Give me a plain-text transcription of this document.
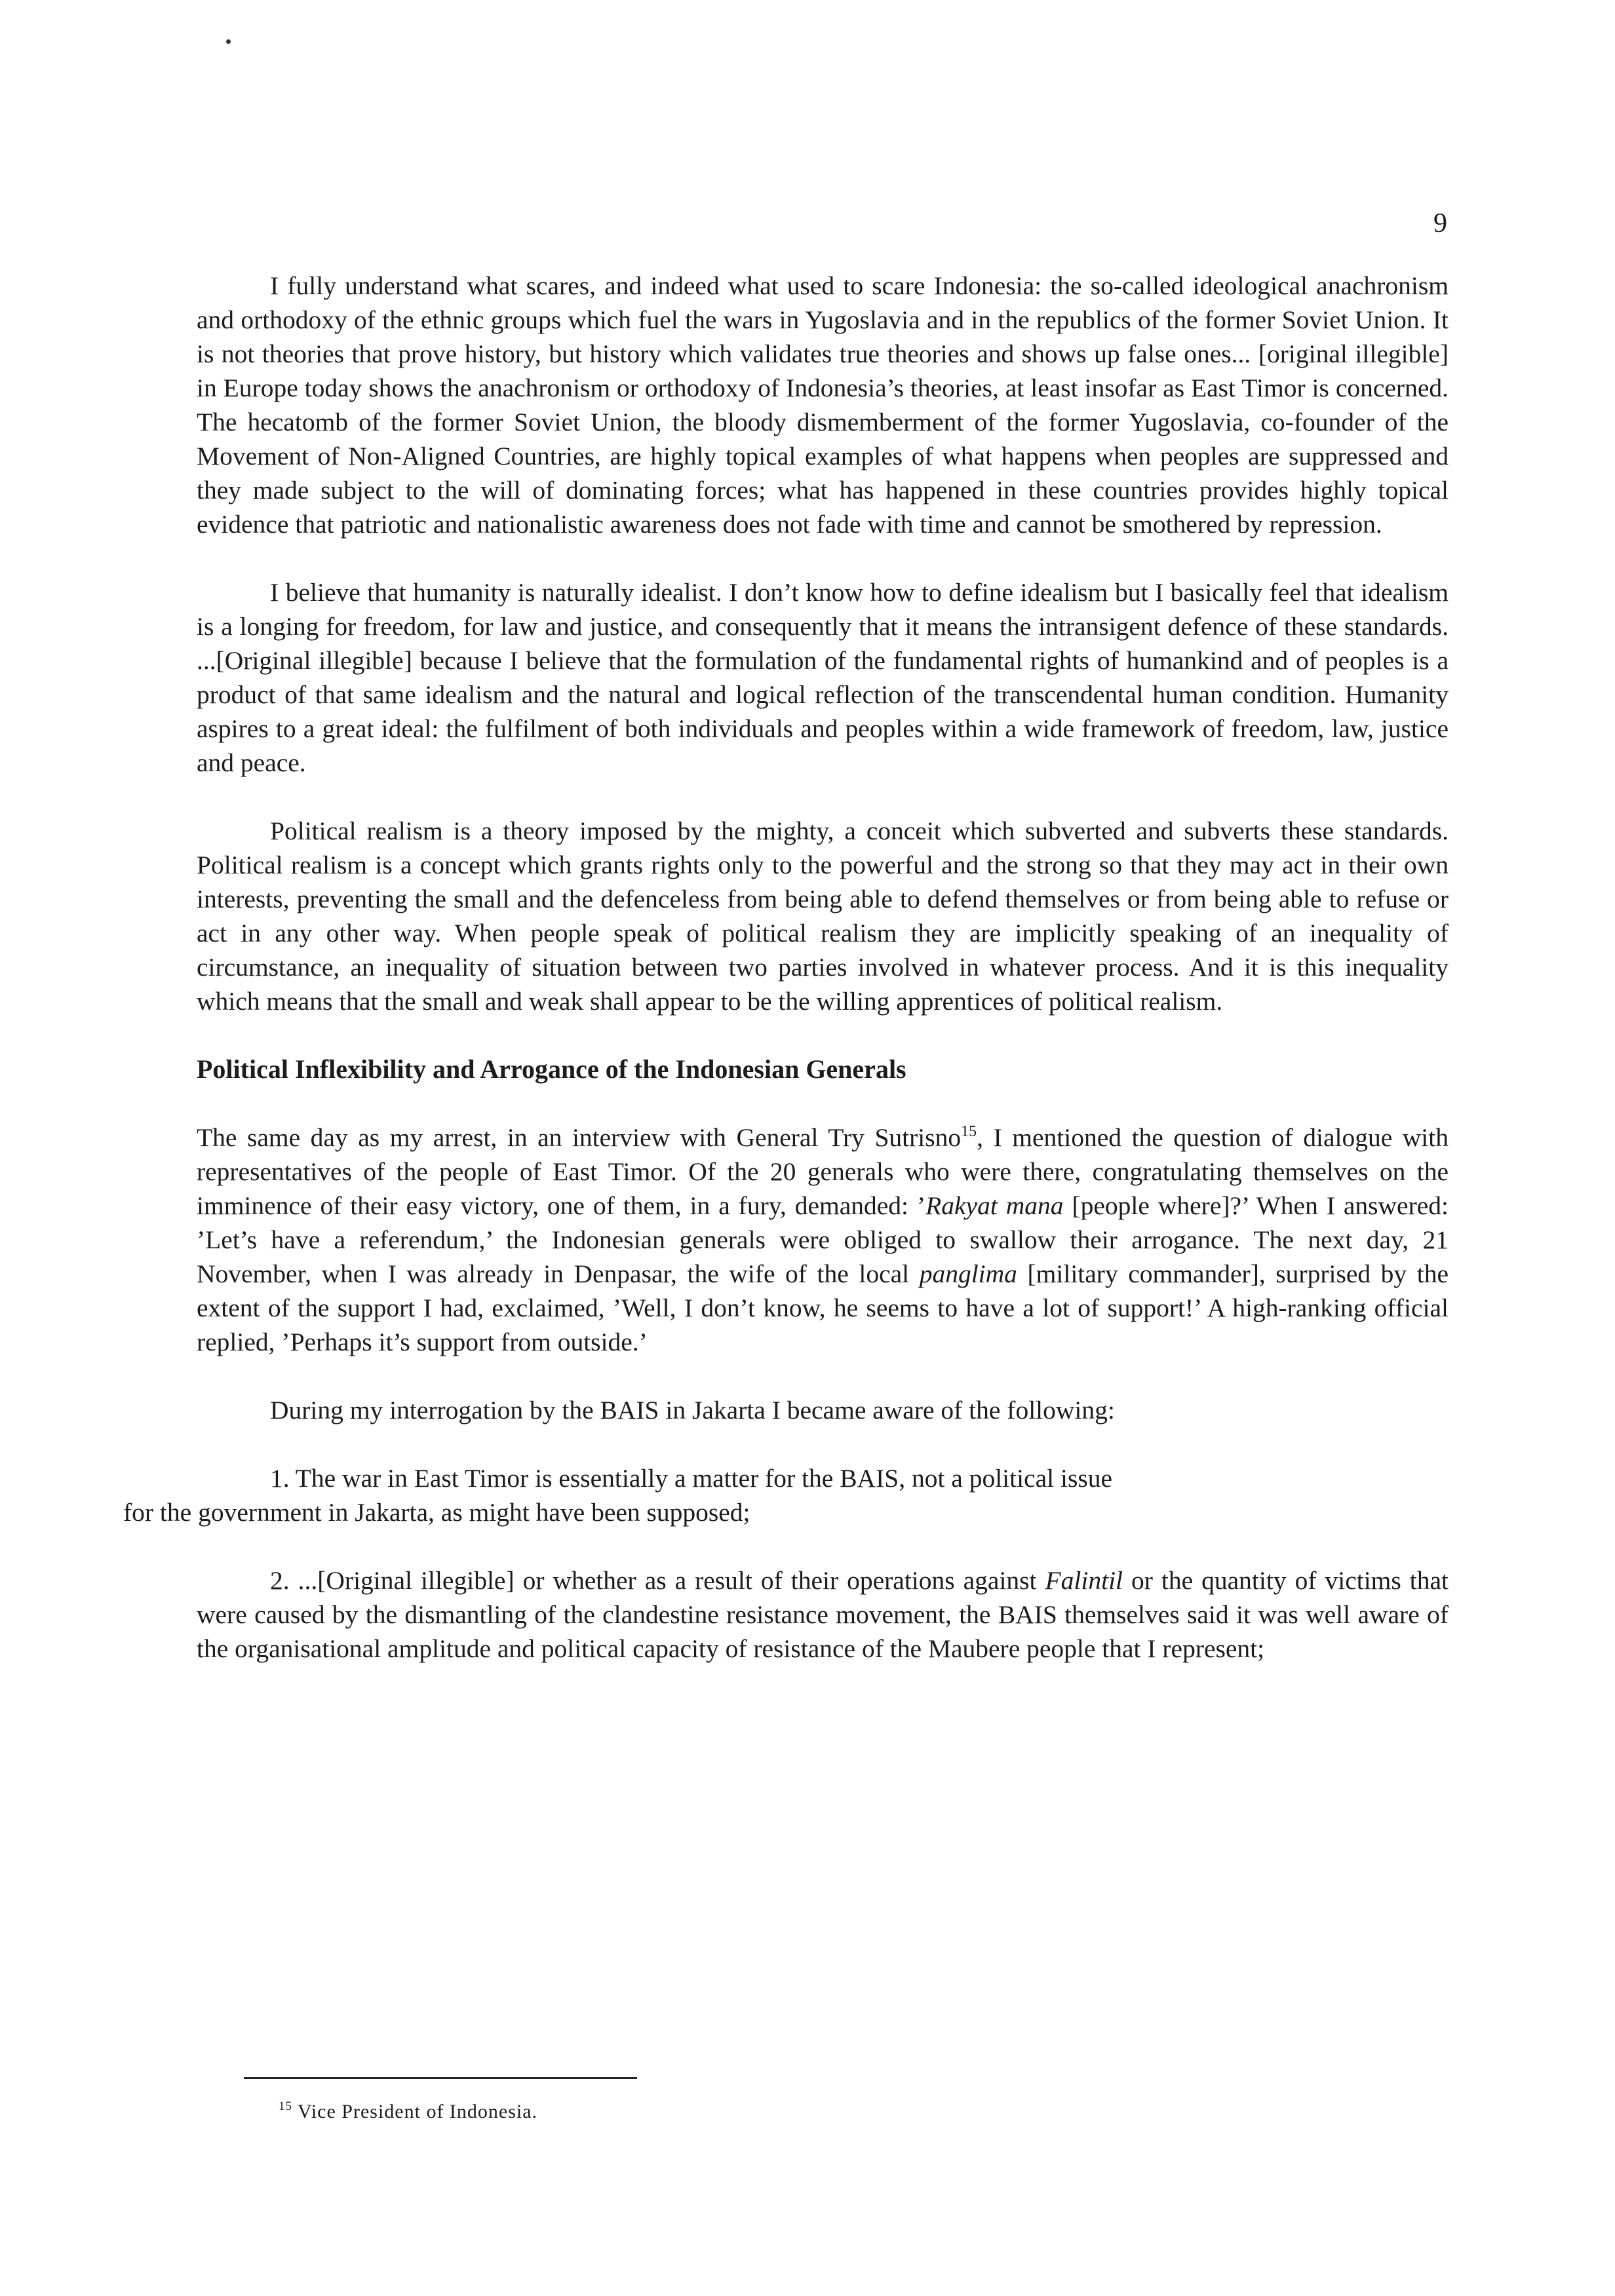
9

I fully understand what scares, and indeed what used to scare Indonesia: the so-called ideological anachronism and orthodoxy of the ethnic groups which fuel the wars in Yugoslavia and in the republics of the former Soviet Union. It is not theories that prove history, but history which validates true theories and shows up false ones... [original illegible] in Europe today shows the anachronism or orthodoxy of Indonesia’s theories, at least insofar as East Timor is concerned. The hecatomb of the former Soviet Union, the bloody dismemberment of the former Yugoslavia, co-founder of the Movement of Non-Aligned Countries, are highly topical examples of what happens when peoples are suppressed and they made subject to the will of dominating forces; what has happened in these countries provides highly topical evidence that patriotic and nationalistic awareness does not fade with time and cannot be smothered by repression.

I believe that humanity is naturally idealist. I don’t know how to define idealism but I basically feel that idealism is a longing for freedom, for law and justice, and consequently that it means the intransigent defence of these standards. ...[Original illegible] because I believe that the formulation of the fundamental rights of humankind and of peoples is a product of that same idealism and the natural and logical reflection of the transcendental human condition. Humanity aspires to a great ideal: the fulfilment of both individuals and peoples within a wide framework of freedom, law, justice and peace.

Political realism is a theory imposed by the mighty, a conceit which subverted and subverts these standards. Political realism is a concept which grants rights only to the powerful and the strong so that they may act in their own interests, preventing the small and the defenceless from being able to defend themselves or from being able to refuse or act in any other way. When people speak of political realism they are implicitly speaking of an inequality of circumstance, an inequality of situation between two parties involved in whatever process. And it is this inequality which means that the small and weak shall appear to be the willing apprentices of political realism.

Political Inflexibility and Arrogance of the Indonesian Generals

The same day as my arrest, in an interview with General Try Sutrisno$^{15}$, I mentioned the question of dialogue with representatives of the people of East Timor. Of the 20 generals who were there, congratulating themselves on the imminence of their easy victory, one of them, in a fury, demanded: ’Rakyat mana [people where]?’ When I answered: ’Let’s have a referendum,’ the Indonesian generals were obliged to swallow their arrogance. The next day, 21 November, when I was already in Denpasar, the wife of the local panglima [military commander], surprised by the extent of the support I had, exclaimed, ’Well, I don’t know, he seems to have a lot of support!’ A high-ranking official replied, ’Perhaps it’s support from outside.’

During my interrogation by the BAIS in Jakarta I became aware of the following:

1. The war in East Timor is essentially a matter for the BAIS, not a political issue
for the government in Jakarta, as might have been supposed;

2. ...[Original illegible] or whether as a result of their operations against Falintil or the quantity of victims that were caused by the dismantling of the clandestine resistance movement, the BAIS themselves said it was well aware of the organisational amplitude and political capacity of resistance of the Maubere people that I represent;

$^{15}$ Vice President of Indonesia.
